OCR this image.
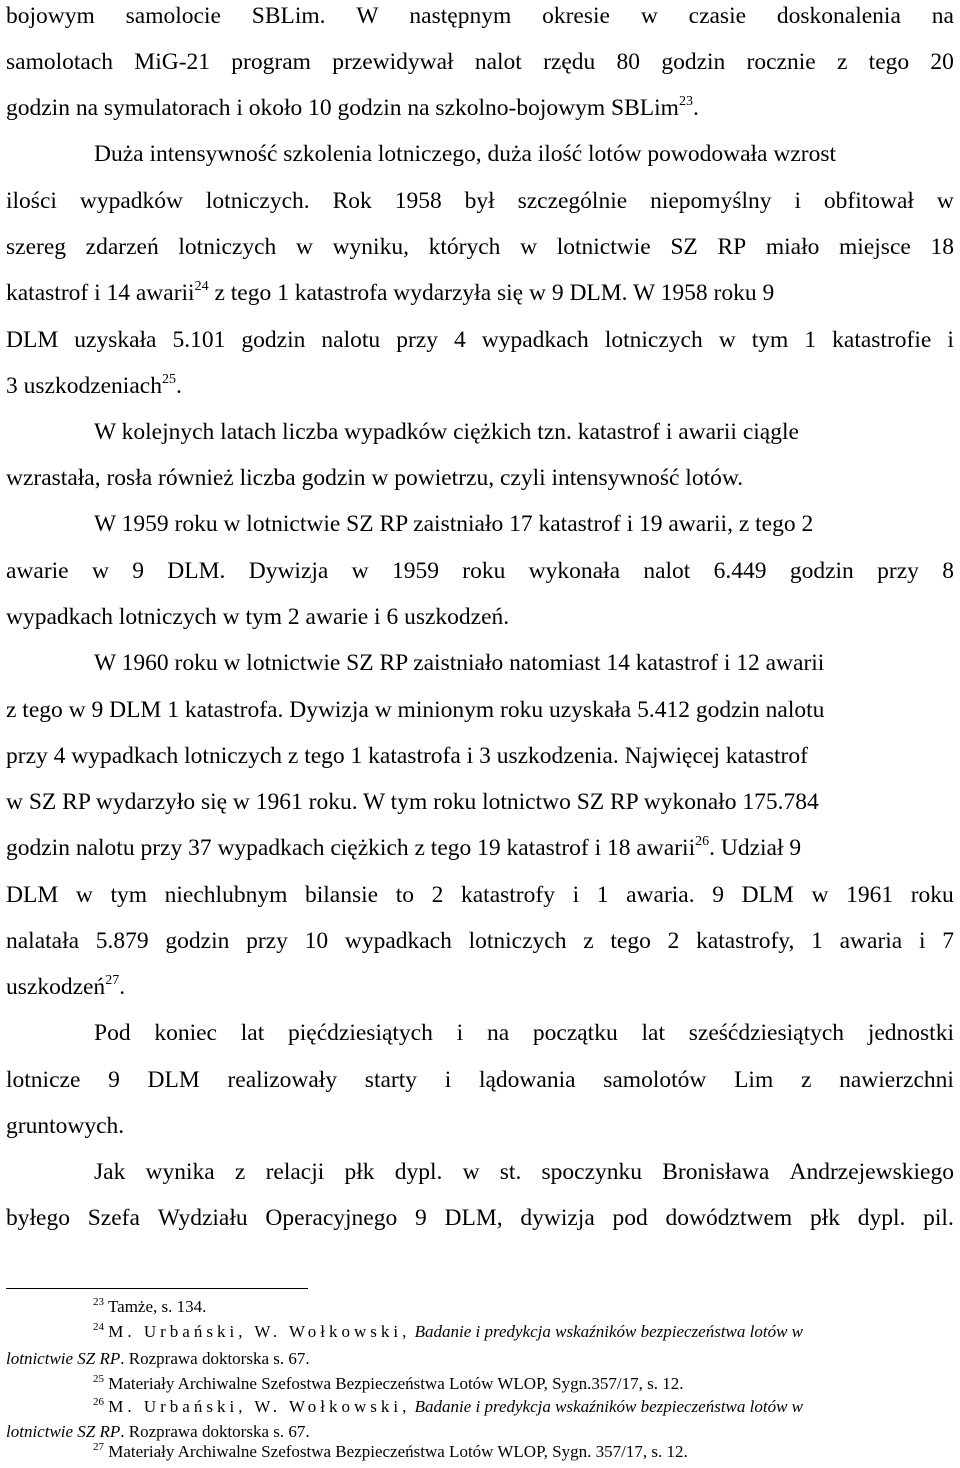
bojowym samolocie SBLim. W następnym okresie w czasie doskonalenia na
samolotach MiG-21 program przewidywał nalot rzędu 80 godzin rocznie z tego 20
godzin na symulatorach i około 10 godzin na szkolno-bojowym SBLim$^{23}$.
Duża intensywność szkolenia lotniczego, duża ilość lotów powodowała wzrost
ilości wypadków lotniczych. Rok 1958 był szczególnie niepomyślny i obfitował w
szereg zdarzeń lotniczych w wyniku, których w lotnictwie SZ RP miało miejsce 18
katastrof i 14 awarii$^{24}$ z tego 1 katastrofa wydarzyła się w 9 DLM. W 1958 roku 9
DLM uzyskała 5.101 godzin nalotu przy 4 wypadkach lotniczych w tym 1 katastrofie i
3 uszkodzeniach$^{25}$.
W kolejnych latach liczba wypadków ciężkich tzn. katastrof i awarii ciągle
wzrastała, rosła również liczba godzin w powietrzu, czyli intensywność lotów.
W 1959 roku w lotnictwie SZ RP zaistniało 17 katastrof i 19 awarii, z tego 2
awarie w 9 DLM. Dywizja w 1959 roku wykonała nalot 6.449 godzin przy 8
wypadkach lotniczych w tym 2 awarie i 6 uszkodzeń.
W 1960 roku w lotnictwie SZ RP zaistniało natomiast 14 katastrof i 12 awarii
z tego w 9 DLM 1 katastrofa. Dywizja w minionym roku uzyskała 5.412 godzin nalotu
przy 4 wypadkach lotniczych z tego 1 katastrofa i 3 uszkodzenia. Najwięcej katastrof
w SZ RP wydarzyło się w 1961 roku. W tym roku lotnictwo SZ RP wykonało 175.784
godzin nalotu przy 37 wypadkach ciężkich z tego 19 katastrof i 18 awarii$^{26}$. Udział 9
DLM w tym niechlubnym bilansie to 2 katastrofy i 1 awaria. 9 DLM w 1961 roku
nalatała 5.879 godzin przy 10 wypadkach lotniczych z tego 2 katastrofy, 1 awaria i 7
uszkodzeń$^{27}$.
Pod koniec lat pięćdziesiątych i na początku lat sześćdziesiątych jednostki
lotnicze 9 DLM realizowały starty i lądowania samolotów Lim z nawierzchni
gruntowych.
Jak wynika z relacji płk dypl. w st. spoczynku Bronisława Andrzejewskiego
byłego Szefa Wydziału Operacyjnego 9 DLM, dywizja pod dowództwem płk dypl. pil.
$^{23}$ Tamże, s. 134.
$^{24}$ M. Urbański, W. Wołkowski, Badanie i predykcja wskaźników bezpieczeństwa lotów w
lotnictwie SZ RP. Rozprawa doktorska s. 67.
$^{25}$ Materiały Archiwalne Szefostwa Bezpieczeństwa Lotów WLOP, Sygn.357/17, s. 12.
$^{26}$ M. Urbański, W. Wołkowski, Badanie i predykcja wskaźników bezpieczeństwa lotów w
lotnictwie SZ RP. Rozprawa doktorska s. 67.
$^{27}$ Materiały Archiwalne Szefostwa Bezpieczeństwa Lotów WLOP, Sygn. 357/17, s. 12.
